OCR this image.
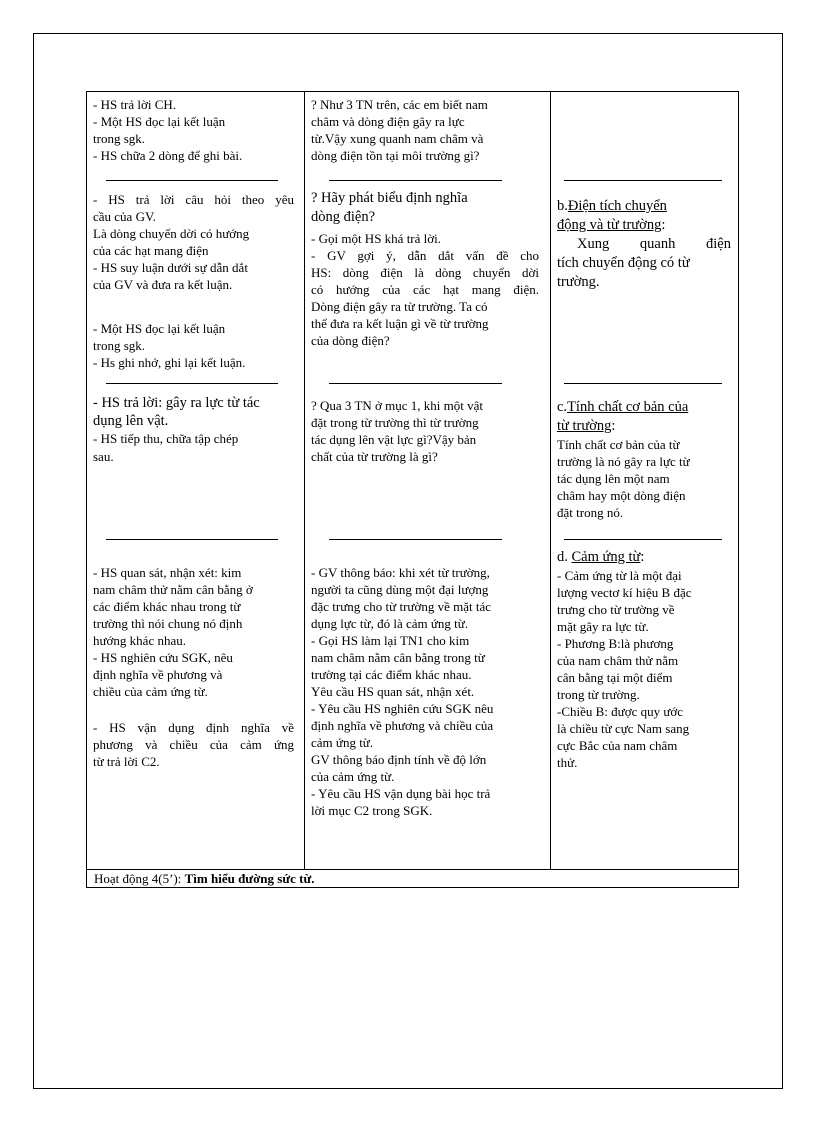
- HS trả lời CH.
- Một HS đọc lại kết luận
trong sgk.
- HS chữa 2 dòng để ghi bài.
? Như 3 TN trên, các em biết nam
châm và dòng điện gây ra lực
từ.Vậy xung quanh nam châm và
dòng điện tồn tại môi trường gì?
- HS trả lời câu hỏi theo yêu
cầu của GV.
Là dòng chuyển dời có hướng
của các hạt mang điện
- HS suy luận dưới sự dẫn dắt
của GV và đưa ra kết luận.
- Một HS đọc lại kết luận
trong sgk.
- Hs ghi nhớ, ghi lại kết luận.
? Hãy phát biểu định nghĩa
dòng điện?
- Gọi một HS khá trả lời.
- GV gợi ý, dẫn dắt vấn đề cho
HS: dòng điện là dòng chuyển dời
có hướng của các hạt mang điện.
Dòng điện gây ra từ trường. Ta có
thể đưa ra kết luận gì về từ trường
của dòng điện?
b.Điện tích chuyển
động và từ trường:
Xung quanh điện
tích chuyển động có từ
trường.
- HS trả lời: gây ra lực từ tác
dụng lên vật.
- HS tiếp thu, chữa tập chép
sau.
? Qua 3 TN ở mục 1, khi một vật
đặt trong từ trường thì từ trường
tác dụng lên vật lực gì?Vậy bản
chất của từ trường là gì?
c.Tính chất cơ bản của
từ trường:
Tính chất cơ bản của từ
trường là nó gây ra lực từ
tác dụng lên một nam
châm hay một dòng điện
đặt trong nó.
- HS quan sát, nhận xét: kim
nam châm thử nằm cân bằng ở
các điểm khác nhau trong từ
trường thì nói chung nó định
hướng khác nhau.
- HS nghiên cứu SGK, nêu
định nghĩa về phương và
chiều của cảm ứng từ.
- HS vận dụng định nghĩa về
phương và chiều của cảm ứng
từ trả lời C2.
- GV thông báo: khi xét từ trường,
người ta cũng dùng một đại lượng
đặc trưng cho từ trường về mặt tác
dụng lực từ, đó là cảm ứng từ.
- Gọi HS làm lại TN1 cho kim
nam châm nằm cân bằng trong từ
trường tại các điểm khác nhau.
Yêu cầu HS quan sát, nhận xét.
- Yêu cầu HS nghiên cứu SGK nêu
định nghĩa về phương và chiều của
cảm ứng từ.
GV thông báo định tính về độ lớn
của cảm ứng từ.
- Yêu cầu HS vận dụng bài học trả
lời mục C2 trong SGK.
d. Cảm ứng từ:
- Cảm ứng từ là một đại
lượng vectơ kí hiệu B đặc
trưng cho từ trường về
mặt gây ra lực từ.
- Phương B:là phương
của nam châm thử nằm
cân bằng tại một điểm
trong từ trường.
-Chiều B: được quy ước
là chiều từ cực Nam sang
cực Bắc của nam châm
thử.
Hoạt động 4(5’): Tìm hiểu đường sức từ.
